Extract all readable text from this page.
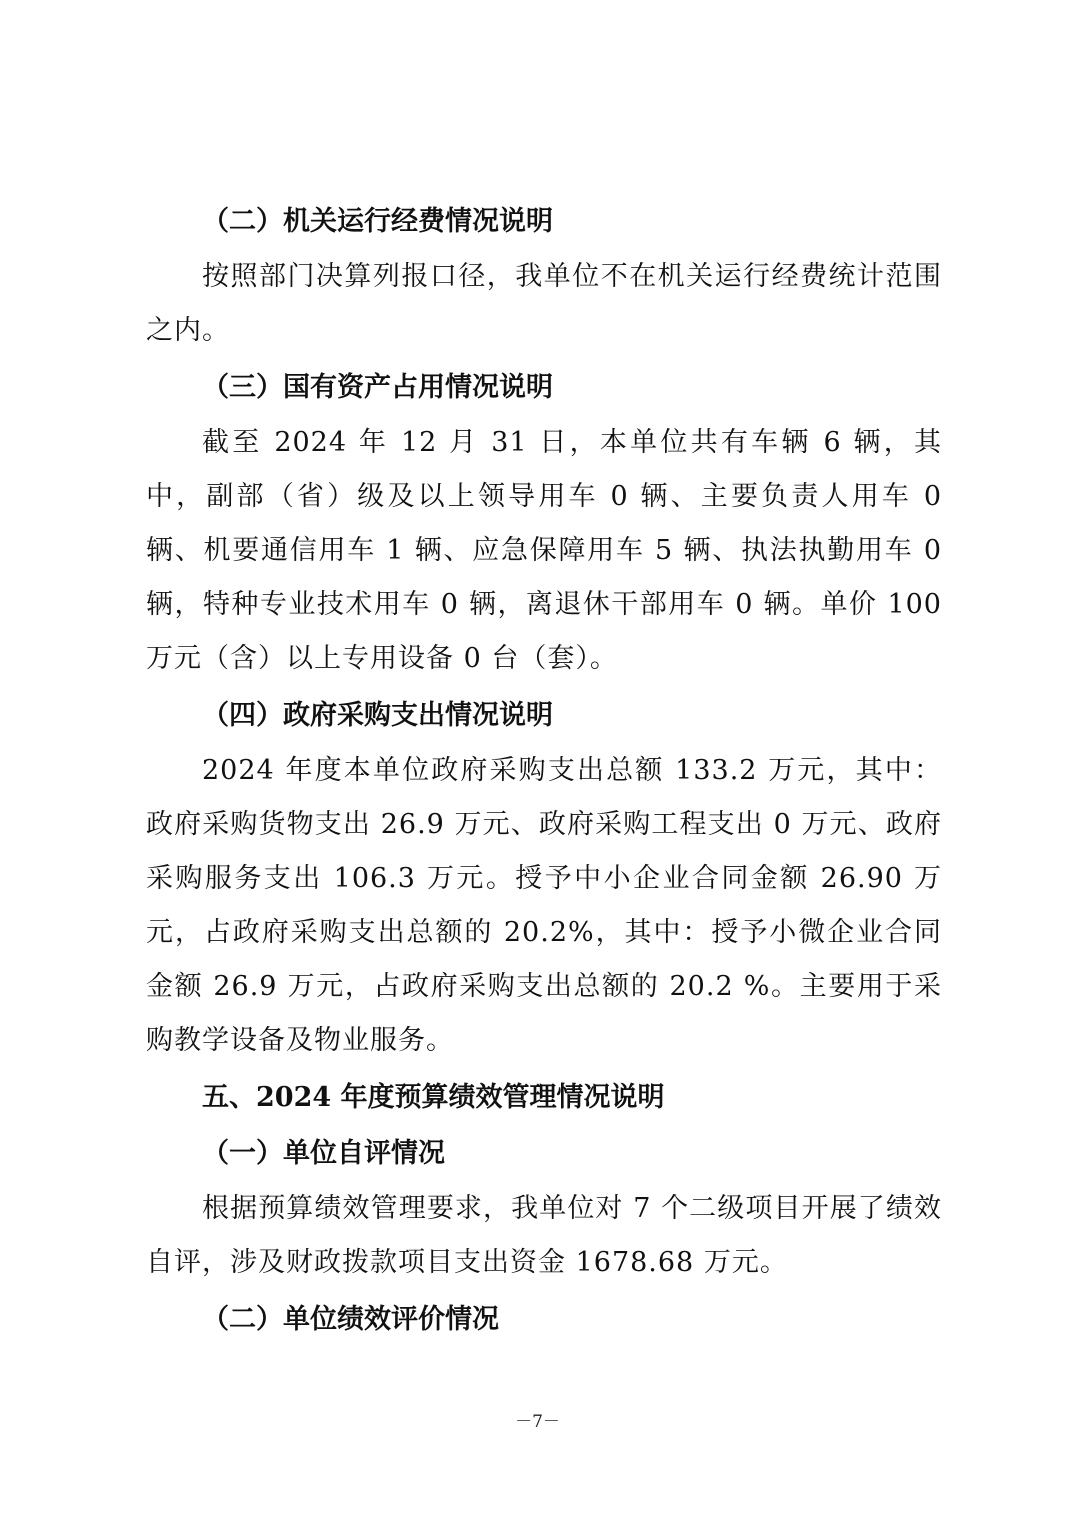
（二）机关运行经费情况说明

按照部门决算列报口径，我单位不在机关运行经费统计范围之内。

（三）国有资产占用情况说明

截至 2024 年 12 月 31 日，本单位共有车辆 6 辆，其中，副部（省）级及以上领导用车 0 辆、主要负责人用车 0 辆、机要通信用车 1 辆、应急保障用车 5 辆、执法执勤用车 0 辆，特种专业技术用车 0 辆，离退休干部用车 0 辆。单价 100 万元（含）以上专用设备 0 台（套）。

（四）政府采购支出情况说明

2024 年度本单位政府采购支出总额 133.2 万元，其中：政府采购货物支出 26.9 万元、政府采购工程支出 0 万元、政府采购服务支出 106.3 万元。授予中小企业合同金额 26.90 万元，占政府采购支出总额的 20.2%，其中：授予小微企业合同金额 26.9 万元，占政府采购支出总额的 20.2 %。主要用于采购教学设备及物业服务。

五、2024 年度预算绩效管理情况说明
（一）单位自评情况

根据预算绩效管理要求，我单位对 7 个二级项目开展了绩效自评，涉及财政拨款项目支出资金 1678.68 万元。

（二）单位绩效评价情况
－7－
